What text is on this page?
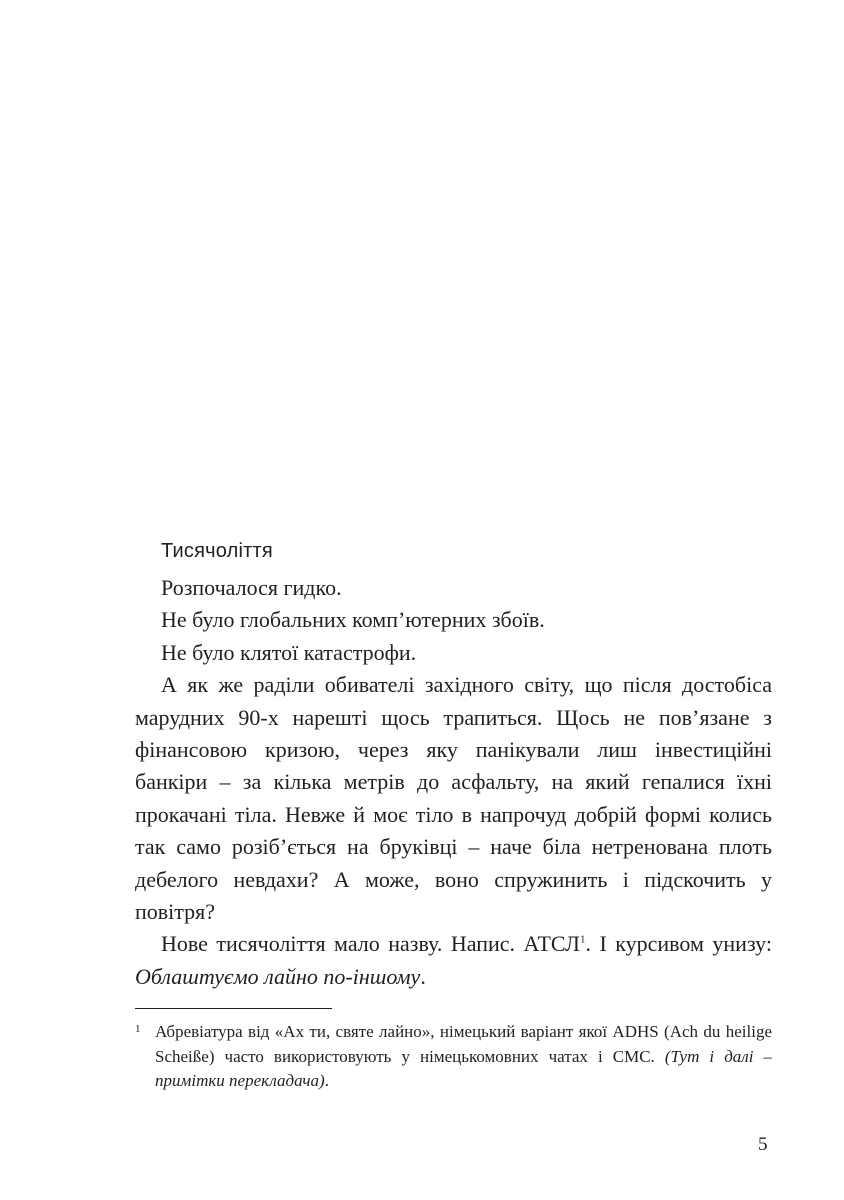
Тисячоліття

Розпочалося гидко.

Не було глобальних комп’ютерних збоїв.

Не було клятої катастрофи.

А як же раділи обивателі західного світу, що після достобіса марудних 90-х нарешті щось трапиться. Щось не пов’язане з фінансовою кризою, через яку панікували лиш інвестиційні банкіри – за кілька метрів до асфальту, на який гепалися їхні прокачані тіла. Невже й моє тіло в напрочуд добрій формі колись так само розіб’ється на бруківці – наче біла нетренована плоть дебелого невдахи? А може, воно спружинить і підскочить у повітря?

Нове тисячоліття мало назву. Напис. АТСЛ$^1$. І курсивом унизу: Облаштуємо лайно по-іншому.

1 Абревіатура від «Ах ти, святе лайно», німецький варіант якої ADHS (Ach du heilige Scheiße) часто використовують у німецькомовних чатах і СМС. (Тут і далі – примітки перекладача).
5
